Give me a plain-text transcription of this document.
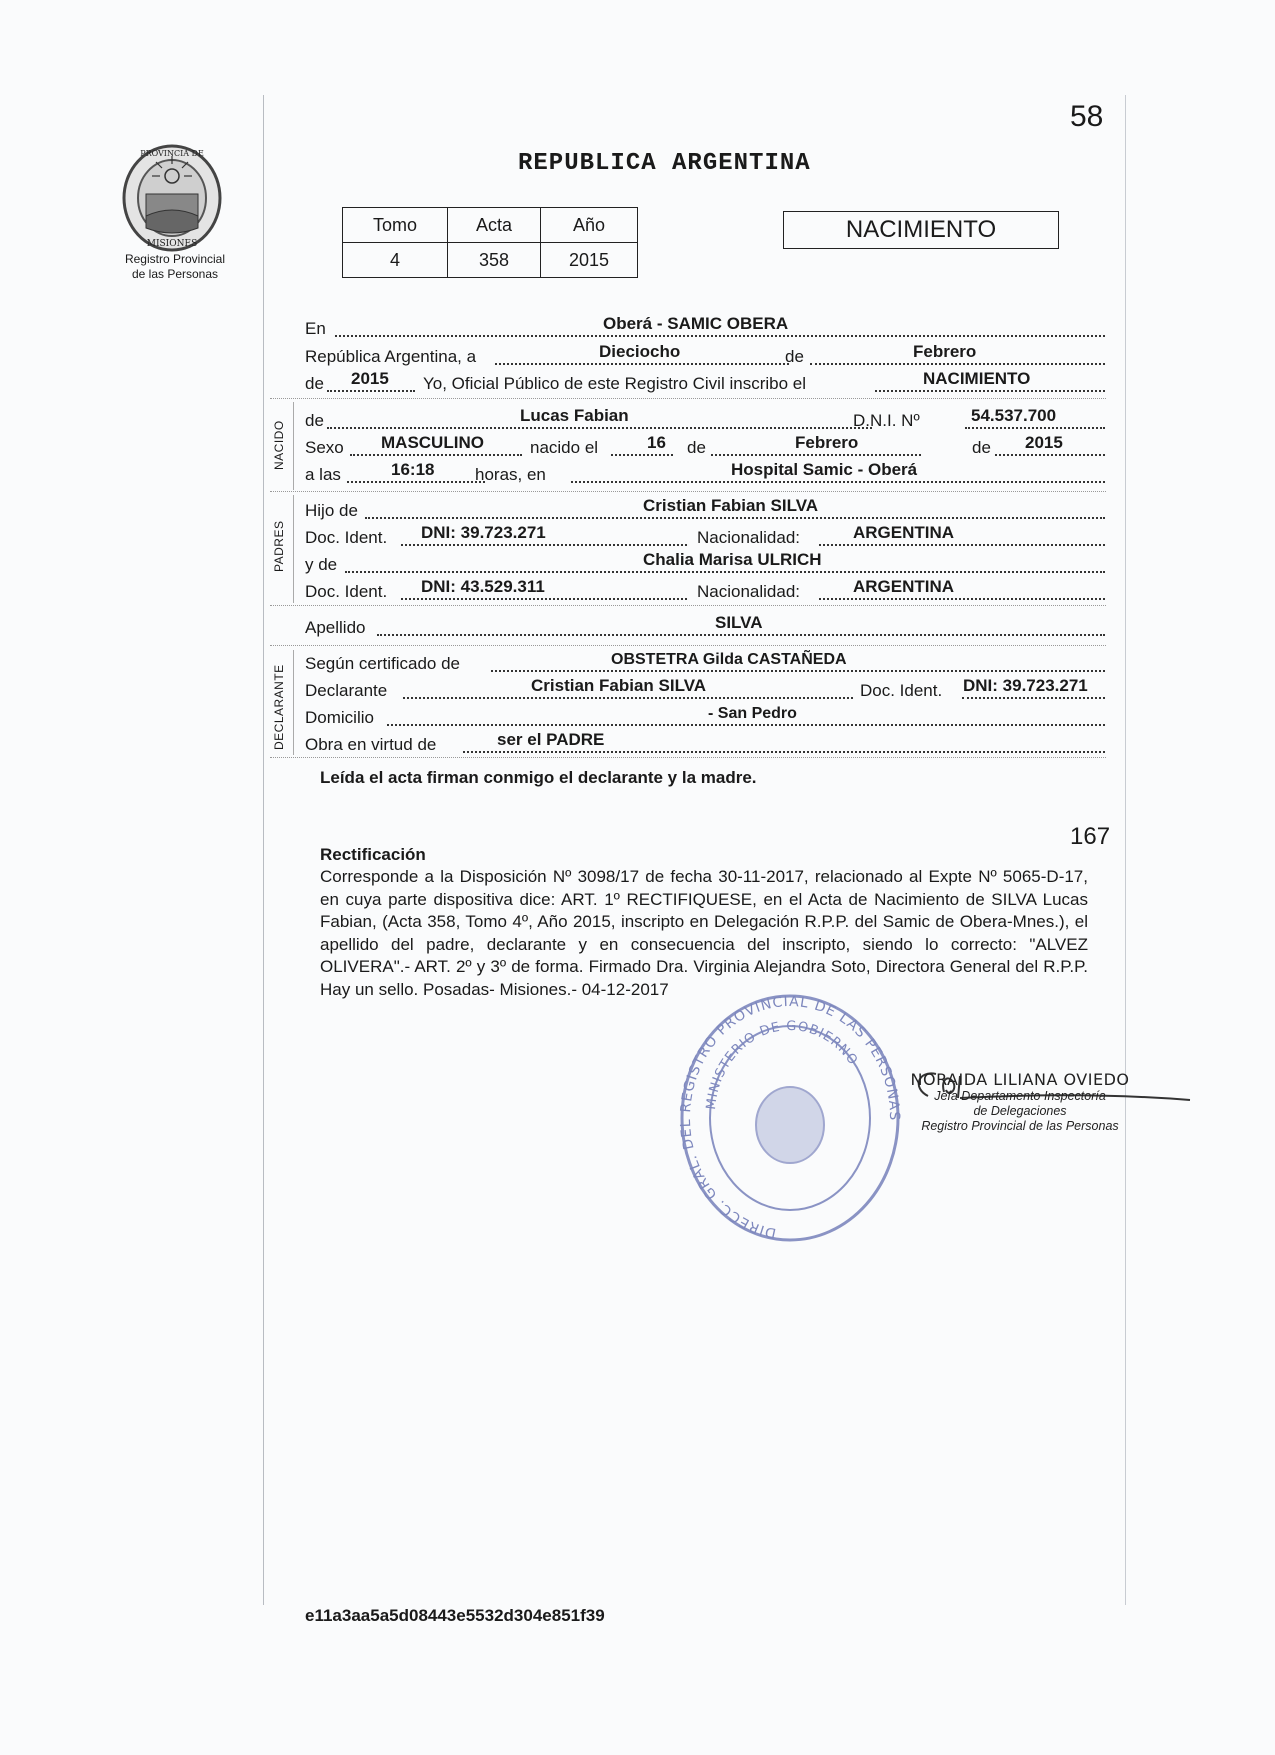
58
PROVINCIA DE
MISIONES
Registro Provincial
de las Personas
REPUBLICA ARGENTINA
Tomo	Acta	Año
4	358	2015
NACIMIENTO
En	Oberá - SAMIC OBERA
República Argentina, a	Dieciocho	de	Febrero
de 2015 Yo, Oficial Público de este Registro Civil inscribo el	NACIMIENTO
NACIDO de	Lucas Fabian	D.N.I. Nº	54.537.700
Sexo MASCULINO	nacido el	16 de	Febrero	de 2015
a las	16:18 horas, en	Hospital Samic - Oberá
PADRES
Hijo de	Cristian Fabian SILVA
Doc. Ident. DNI: 39.723.271	Nacionalidad:	ARGENTINA
y de	Chalia Marisa ULRICH
Doc. Ident. DNI: 43.529.311	Nacionalidad:	ARGENTINA
Apellido	SILVA
DECLARANTE
Según certificado de	OBSTETRA Gilda CASTAÑEDA
Declarante	Cristian Fabian SILVA	Doc. Ident. DNI: 39.723.271
Domicilio	- San Pedro
Obra en virtud de	ser el PADRE
Leída el acta firman conmigo el declarante y la madre.
167
Rectificación
Corresponde a la Disposición Nº 3098/17 de fecha 30-11-2017, relacionado al Expte Nº 5065-D-17, en cuya parte dispositiva dice: ART. 1º RECTIFIQUESE, en el Acta de Nacimiento de SILVA Lucas Fabian, (Acta 358, Tomo 4º, Año 2015, inscripto en Delegación R.P.P. del Samic de Obera-Mnes.), el apellido del padre, declarante y en consecuencia del inscripto, siendo lo correcto: "ALVEZ OLIVERA".- ART. 2º y 3º de forma. Firmado Dra. Virginia Alejandra Soto, Directora General del R.P.P. Hay un sello. Posadas- Misiones.- 04-12-2017
DIRECC. GRAL. DEL REGISTRO PROVINCIAL DE LAS PERSONAS
MINISTERIO DE GOBIERNO
NORAIDA LILIANA OVIEDO
Jefa Departamento Inspectoría
de Delegaciones
Registro Provincial de las Personas
e11a3aa5a5d08443e5532d304e851f39
